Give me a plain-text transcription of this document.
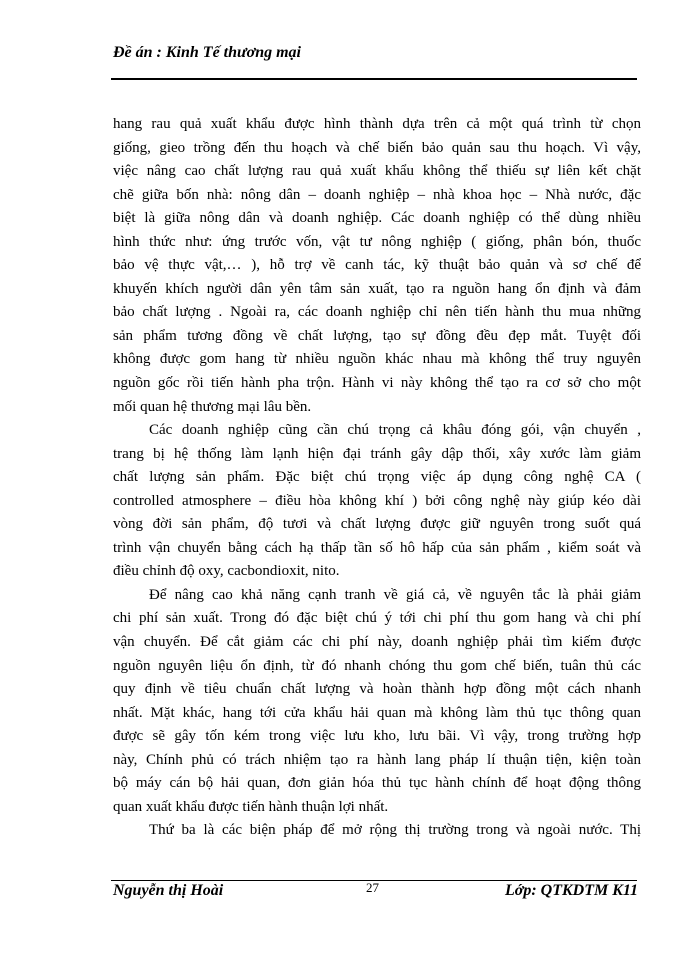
Đề án : Kinh Tế thương mại
hang rau quả xuất khẩu được hình thành dựa trên cả một quá trình từ chọn
giống, gieo trồng đến thu hoạch và chế biến bảo quản sau thu hoạch. Vì vậy,
việc nâng cao chất lượng rau quả xuất khẩu không thể thiếu sự liên kết chặt
chẽ giữa bốn nhà: nông dân – doanh nghiệp – nhà khoa học – Nhà nước, đặc
biệt là giữa nông dân và doanh nghiệp. Các doanh nghiệp có thể dùng nhiều
hình thức như: ứng trước vốn, vật tư nông nghiệp ( giống, phân bón, thuốc
bảo vệ thực vật,… ), hỗ trợ về canh tác, kỹ thuật bảo quản và sơ chế để
khuyến khích người dân yên tâm sản xuất, tạo ra nguồn hang ổn định và đảm
bảo chất lượng . Ngoài ra, các doanh nghiệp chỉ nên tiến hành thu mua những
sản phẩm tương đồng về chất lượng, tạo sự đồng đều đẹp mắt. Tuyệt đối
không được gom hang từ nhiều nguồn khác nhau mà không thể truy nguyên
nguồn gốc rồi tiến hành pha trộn. Hành vi này không thể tạo ra cơ sở cho một
mối quan hệ thương mại lâu bền.
Các doanh nghiệp cũng cần chú trọng cả khâu đóng gói, vận chuyển ,
trang bị hệ thống làm lạnh hiện đại tránh gây dập thối, xây xước làm giảm
chất lượng sản phẩm. Đặc biệt chú trọng việc áp dụng công nghệ CA (
controlled atmosphere – điều hòa không khí ) bởi công nghệ này giúp kéo dài
vòng đời sản phẩm, độ tươi và chất lượng được giữ nguyên trong suốt quá
trình vận chuyển bằng cách hạ thấp tần số hô hấp của sản phẩm , kiểm soát và
điều chỉnh độ oxy, cacbondioxit, nito.
Để nâng cao khả năng cạnh tranh về giá cả, về nguyên tắc là phải giảm
chi phí sản xuất. Trong đó đặc biệt chú ý tới chi phí thu gom hang và chi phí
vận chuyển. Để cắt giảm các chi phí này, doanh nghiệp phải tìm kiếm được
nguồn nguyên liệu ổn định, từ đó nhanh chóng thu gom chế biến, tuân thủ các
quy định về tiêu chuẩn chất lượng và hoàn thành hợp đồng một cách nhanh
nhất. Mặt khác, hang tới cửa khẩu hải quan mà không làm thủ tục thông quan
được sẽ gây tốn kém trong việc lưu kho, lưu bãi. Vì vậy, trong trường hợp
này, Chính phủ có trách nhiệm tạo ra hành lang pháp lí thuận tiện, kiện toàn
bộ máy cán bộ hải quan, đơn giản hóa thủ tục hành chính để hoạt động thông
quan xuất khẩu được tiến hành thuận lợi nhất.
Thứ ba là các biện pháp để mở rộng thị trường trong và ngoài nước. Thị
Nguyễn thị Hoài	27	Lớp: QTKDTM K11
